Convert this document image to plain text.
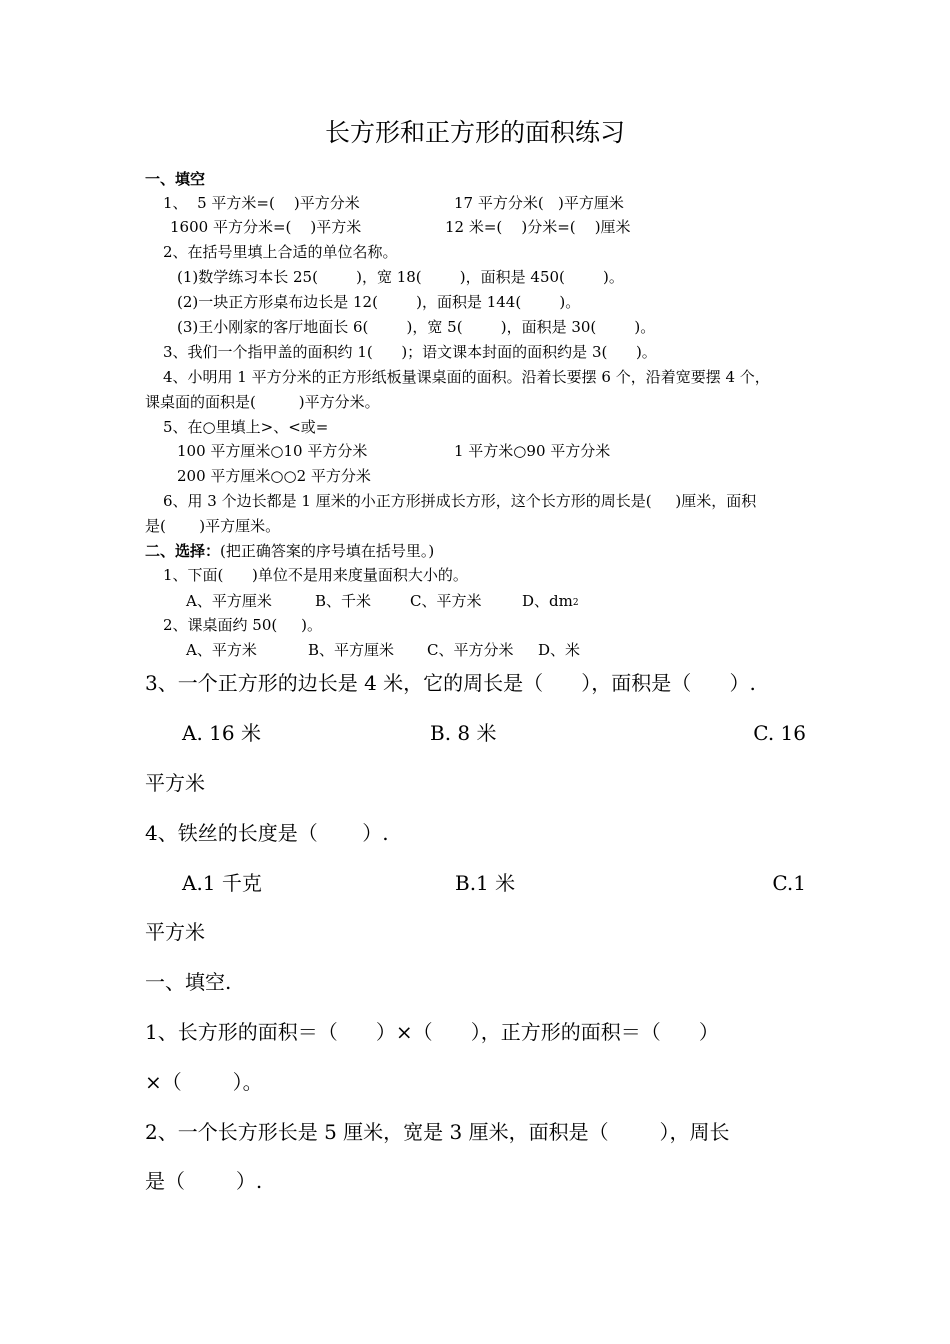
长方形和正方形的面积练习
一、填空
1、  5 平方米=(    )平方分米	17 平方分米(   )平方厘米
1600 平方分米=(    )平方米	12 米=(    )分米=(    )厘米
2、在括号里填上合适的单位名称。
(1)数学练习本长 25(        )，宽 18(        )，面积是 450(        )。
(2)一块正方形桌布边长是 12(        )，面积是 144(        )。
(3)王小刚家的客厅地面长 6(        )，宽 5(        )，面积是 30(        )。
3、我们一个指甲盖的面积约 1(      )；语文课本封面的面积约是 3(      )。
4、小明用 1 平方分米的正方形纸板量课桌面的面积。沿着长要摆 6 个，沿着宽要摆 4 个，
课桌面的面积是(         )平方分米。
5、在○里填上>、<或=
100 平方厘米○10 平方分米	1 平方米○90 平方分米
200 平方厘米○○2 平方分米
6、用 3 个边长都是 1 厘米的小正方形拼成长方形，这个长方形的周长是(     )厘米，面积
是(       )平方厘米。
二、选择：(把正确答案的序号填在括号里。)
1、下面(      )单位不是用来度量面积大小的。
A、平方厘米	B、千米	C、平方米	D、$dm^2$
2、课桌面约 50(     )。
A、平方米	B、平方厘米 C、平方分米 D、米
3、一个正方形的边长是 4 米，它的周长是（      ），面积是（      ）.
A. 16 米	B. 8 米	C. 16
平方米
4、铁丝的长度是（       ）.
A.1 千克	B.1 米	C.1
平方米
一、填空.
1、长方形的面积＝（      ）×（      ），正方形的面积＝（      ）
×（        ）。
2、一个长方形长是 5 厘米，宽是 3 厘米，面积是（        ），周长
是（        ）.
